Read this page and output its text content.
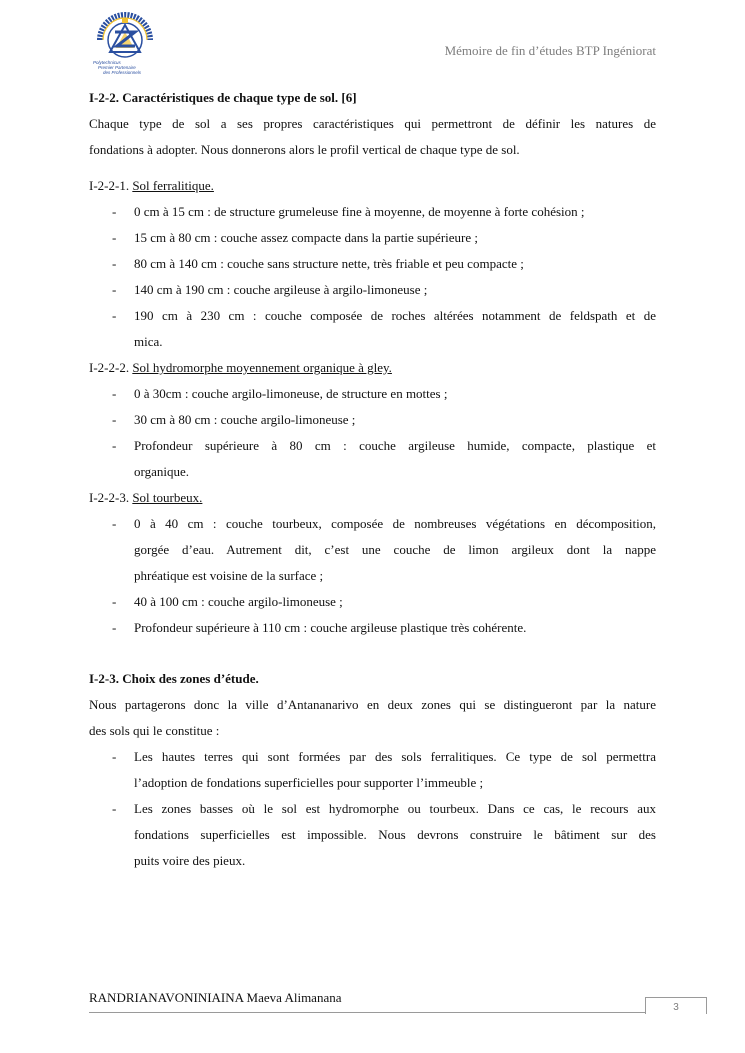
Polytechnicus
Premier Partenaire
des Professionnels
Mémoire de fin d’études BTP Ingéniorat
I-2-2. Caractéristiques de chaque type de sol. [6]
Chaque type de sol a ses propres caractéristiques qui permettront de définir les natures de
fondations à adopter. Nous donnerons alors le profil vertical de chaque type de sol.
I-2-2-1. Sol ferralitique.
- 0 cm à 15 cm : de structure grumeleuse fine à moyenne, de moyenne à forte cohésion ;
- 15 cm à 80 cm : couche assez compacte dans la partie supérieure ;
- 80 cm à 140 cm : couche sans structure nette, très friable et peu compacte ;
- 140 cm à 190 cm : couche argileuse à argilo-limoneuse ;
- 190 cm à 230 cm : couche composée de roches altérées notamment de feldspath et de
mica.
I-2-2-2. Sol hydromorphe moyennement organique à gley.
- 0 à 30cm : couche argilo-limoneuse, de structure en mottes ;
- 30 cm à 80 cm : couche argilo-limoneuse ;
- Profondeur supérieure à 80 cm : couche argileuse humide, compacte, plastique et
organique.
I-2-2-3. Sol tourbeux.
- 0 à 40 cm : couche tourbeux, composée de nombreuses végétations en décomposition,
gorgée d’eau. Autrement dit, c’est une couche de limon argileux dont la nappe
phréatique est voisine de la surface ;
- 40 à 100 cm : couche argilo-limoneuse ;
- Profondeur supérieure à 110 cm : couche argileuse plastique très cohérente.
I-2-3. Choix des zones d’étude.
Nous partagerons donc la ville d’Antananarivo en deux zones qui se distingueront par la nature
des sols qui le constitue :
- Les hautes terres qui sont formées par des sols ferralitiques. Ce type de sol permettra
l’adoption de fondations superficielles pour supporter l’immeuble ;
- Les zones basses où le sol est hydromorphe ou tourbeux. Dans ce cas, le recours aux
fondations superficielles est impossible. Nous devrons construire le bâtiment sur des
puits voire des pieux.
RANDRIANAVONINIAINA Maeva Alimanana
3
